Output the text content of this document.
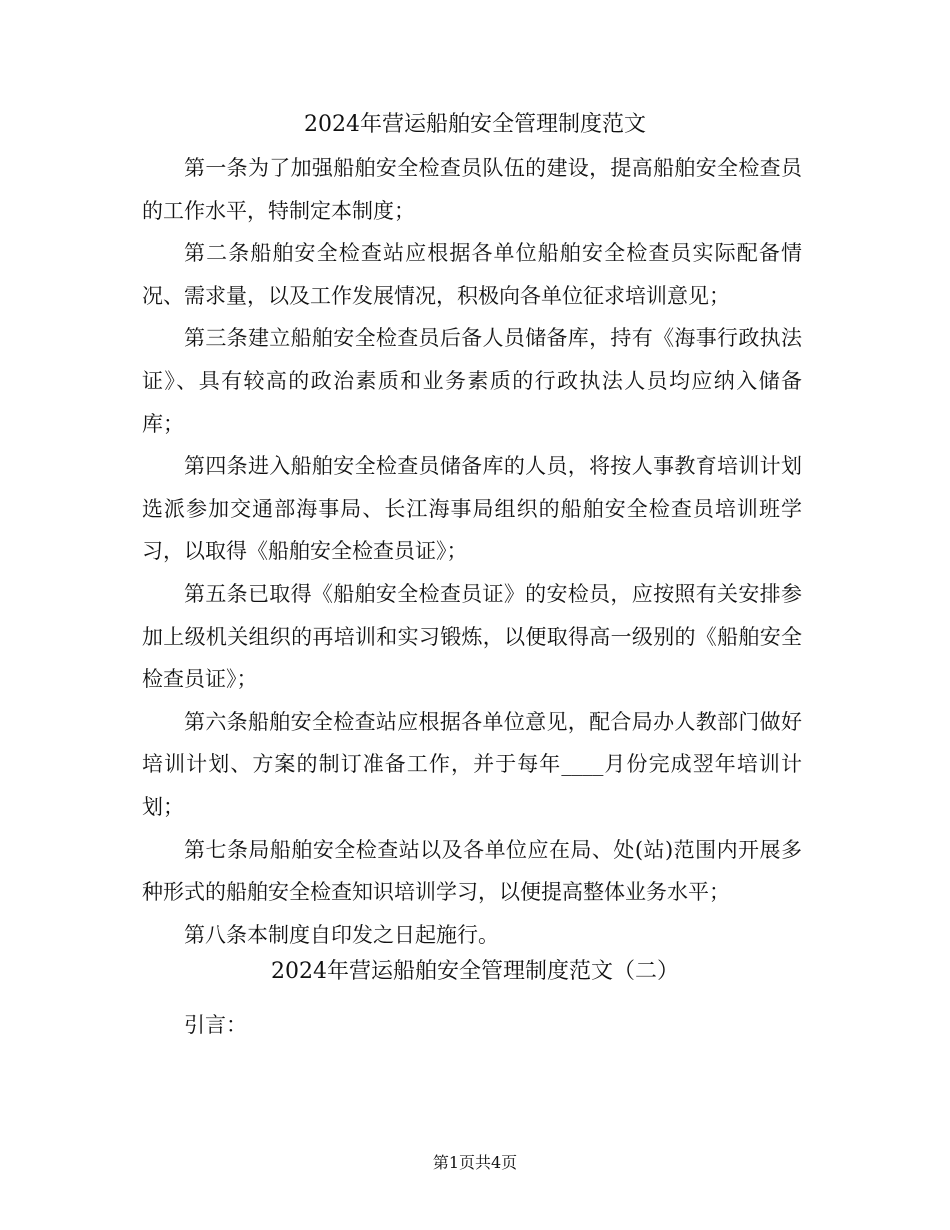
2024年营运船舶安全管理制度范文

第一条为了加强船舶安全检查员队伍的建设，提高船舶安全检查员的工作水平，特制定本制度；

第二条船舶安全检查站应根据各单位船舶安全检查员实际配备情况、需求量，以及工作发展情况，积极向各单位征求培训意见；

第三条建立船舶安全检查员后备人员储备库，持有《海事行政执法证》、具有较高的政治素质和业务素质的行政执法人员均应纳入储备库；

第四条进入船舶安全检查员储备库的人员，将按人事教育培训计划选派参加交通部海事局、长江海事局组织的船舶安全检查员培训班学习，以取得《船舶安全检查员证》；

第五条已取得《船舶安全检查员证》的安检员，应按照有关安排参加上级机关组织的再培训和实习锻炼，以便取得高一级别的《船舶安全检查员证》；

第六条船舶安全检查站应根据各单位意见，配合局办人教部门做好培训计划、方案的制订准备工作，并于每年____月份完成翌年培训计划；

第七条局船舶安全检查站以及各单位应在局、处(站)范围内开展多种形式的船舶安全检查知识培训学习，以便提高整体业务水平；

第八条本制度自印发之日起施行。

2024年营运船舶安全管理制度范文（二）

引言：

第1页共4页
